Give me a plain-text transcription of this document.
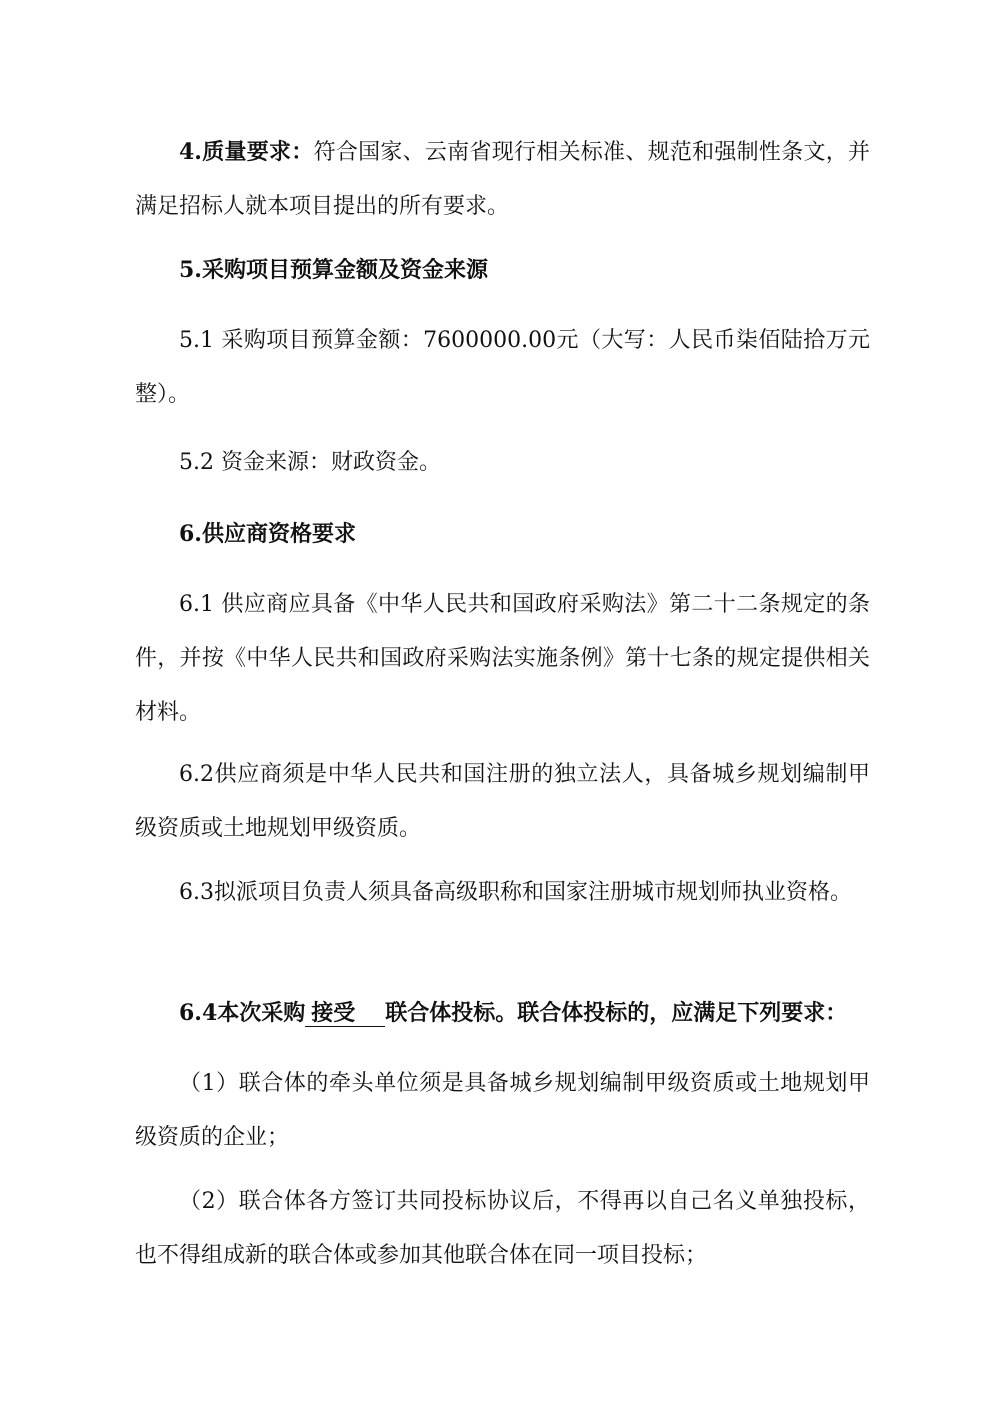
4.质量要求：符合国家、云南省现行相关标准、规范和强制性条文，并满足招标人就本项目提出的所有要求。

5.采购项目预算金额及资金来源

5.1 采购项目预算金额：7600000.00元（大写：人民币柒佰陆拾万元整）。

5.2 资金来源：财政资金。

6.供应商资格要求

6.1 供应商应具备《中华人民共和国政府采购法》第二十二条规定的条件，并按《中华人民共和国政府采购法实施条例》第十七条的规定提供相关材料。

6.2供应商须是中华人民共和国注册的独立法人，具备城乡规划编制甲级资质或土地规划甲级资质。

6.3拟派项目负责人须具备高级职称和国家注册城市规划师执业资格。

6.4本次采购 接受 联合体投标。联合体投标的，应满足下列要求：

（1）联合体的牵头单位须是具备城乡规划编制甲级资质或土地规划甲级资质的企业；

（2）联合体各方签订共同投标协议后，不得再以自己名义单独投标，也不得组成新的联合体或参加其他联合体在同一项目投标；
